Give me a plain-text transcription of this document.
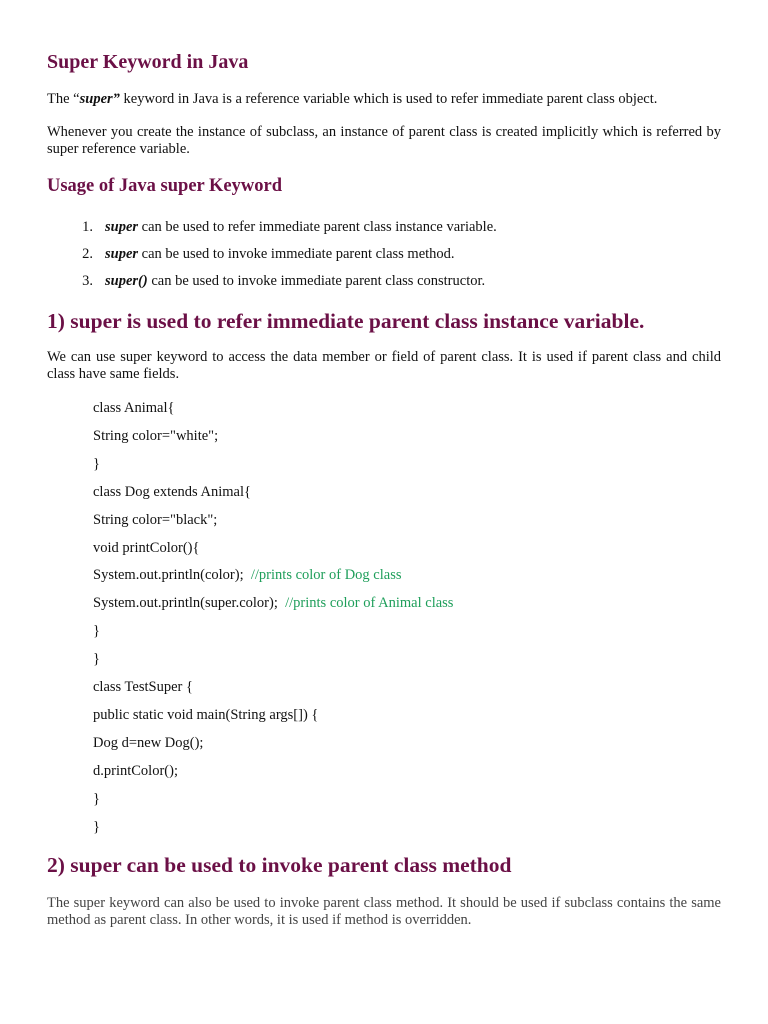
Super Keyword in Java

The “super” keyword in Java is a reference variable which is used to refer immediate parent class object.

Whenever you create the instance of subclass, an instance of parent class is created implicitly which is referred by super reference variable.

Usage of Java super Keyword
1. super can be used to refer immediate parent class instance variable.
2. super can be used to invoke immediate parent class method.
3. super() can be used to invoke immediate parent class constructor.
1) super is used to refer immediate parent class instance variable.

We can use super keyword to access the data member or field of parent class. It is used if parent class and child class have same fields.

class Animal{
String color="white";
}
class Dog extends Animal{
String color="black";
void printColor(){
System.out.println(color);  //prints color of Dog class
System.out.println(super.color);  //prints color of Animal class
}
}
class TestSuper {
public static void main(String args[]) {
Dog d=new Dog();
d.printColor();
}
}
2) super can be used to invoke parent class method

The super keyword can also be used to invoke parent class method. It should be used if subclass contains the same method as parent class. In other words, it is used if method is overridden.
